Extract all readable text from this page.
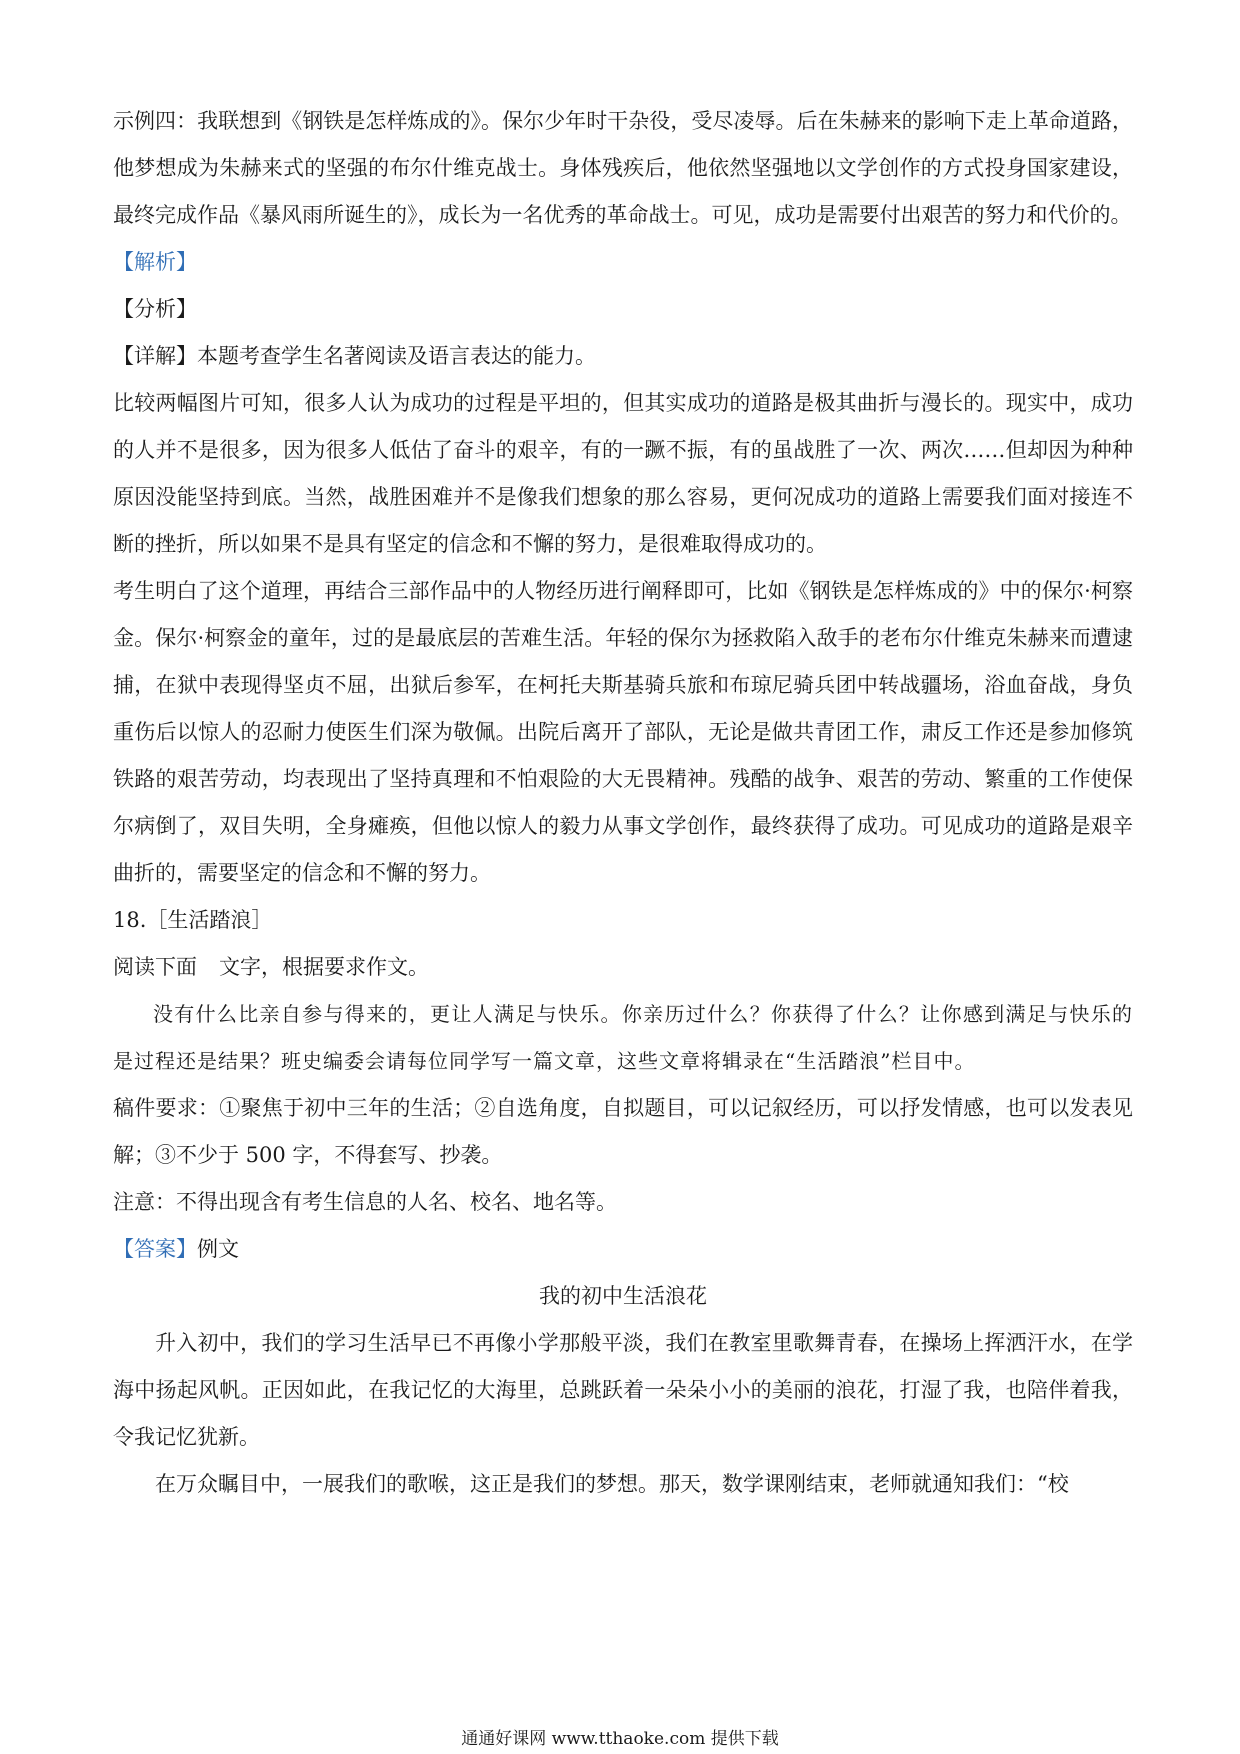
示例四：我联想到《钢铁是怎样炼成的》。保尔少年时干杂役，受尽凌辱。后在朱赫来的影响下走上革命道路，他梦想成为朱赫来式的坚强的布尔什维克战士。身体残疾后，他依然坚强地以文学创作的方式投身国家建设，最终完成作品《暴风雨所诞生的》，成长为一名优秀的革命战士。可见，成功是需要付出艰苦的努力和代价的。

【解析】

【分析】

【详解】本题考查学生名著阅读及语言表达的能力。

比较两幅图片可知，很多人认为成功的过程是平坦的，但其实成功的道路是极其曲折与漫长的。现实中，成功的人并不是很多，因为很多人低估了奋斗的艰辛，有的一蹶不振，有的虽战胜了一次、两次……但却因为种种原因没能坚持到底。当然，战胜困难并不是像我们想象的那么容易，更何况成功的道路上需要我们面对接连不断的挫折，所以如果不是具有坚定的信念和不懈的努力，是很难取得成功的。

考生明白了这个道理，再结合三部作品中的人物经历进行阐释即可，比如《钢铁是怎样炼成的》中的保尔·柯察金。保尔·柯察金的童年，过的是最底层的苦难生活。年轻的保尔为拯救陷入敌手的老布尔什维克朱赫来而遭逮捕，在狱中表现得坚贞不屈，出狱后参军，在柯托夫斯基骑兵旅和布琼尼骑兵团中转战疆场，浴血奋战，身负重伤后以惊人的忍耐力使医生们深为敬佩。出院后离开了部队，无论是做共青团工作，肃反工作还是参加修筑铁路的艰苦劳动，均表现出了坚持真理和不怕艰险的大无畏精神。残酷的战争、艰苦的劳动、繁重的工作使保尔病倒了，双目失明，全身瘫痪，但他以惊人的毅力从事文学创作，最终获得了成功。可见成功的道路是艰辛曲折的，需要坚定的信念和不懈的努力。

18.［生活踏浪］

阅读下面 文字，根据要求作文。

没有什么比亲自参与得来的，更让人满足与快乐。你亲历过什么？你获得了什么？让你感到满足与快乐的是过程还是结果？班史编委会请每位同学写一篇文章，这些文章将辑录在“生活踏浪”栏目中。

稿件要求：①聚焦于初中三年的生活；②自选角度，自拟题目，可以记叙经历，可以抒发情感，也可以发表见解；③不少于 500 字，不得套写、抄袭。

注意：不得出现含有考生信息的人名、校名、地名等。

【答案】例文

我的初中生活浪花

升入初中，我们的学习生活早已不再像小学那般平淡，我们在教室里歌舞青春，在操场上挥洒汗水，在学海中扬起风帆。正因如此，在我记忆的大海里，总跳跃着一朵朵小小的美丽的浪花，打湿了我，也陪伴着我，令我记忆犹新。

在万众瞩目中，一展我们的歌喉，这正是我们的梦想。那天，数学课刚结束，老师就通知我们：“校

通通好课网 www.tthaoke.com 提供下载
